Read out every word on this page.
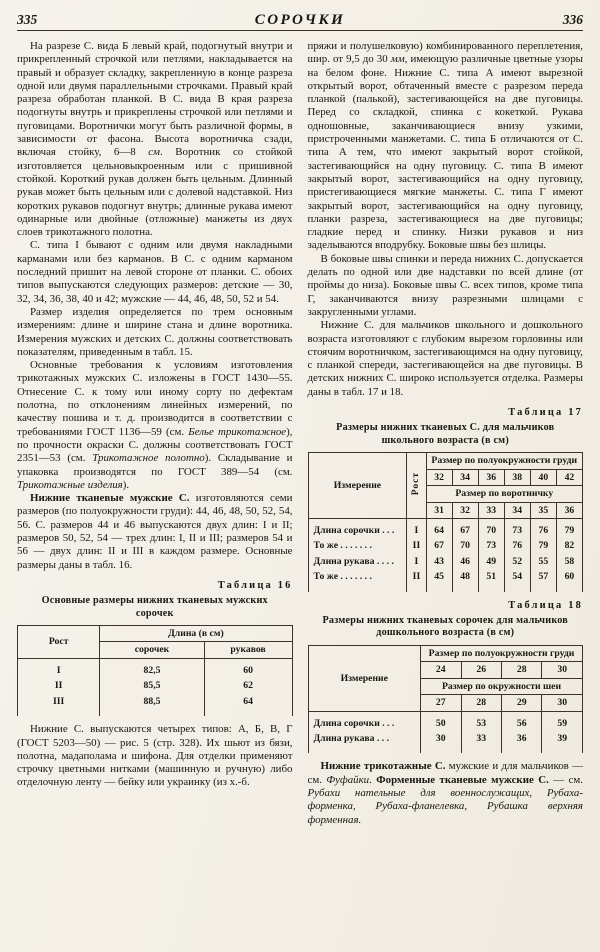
335	СОРОЧКИ	336

На разрезе С. вида Б левый край, подогнутый внутри и прикрепленный строчкой или петлями, накладывается на правый и образует складку, закрепленную в конце разреза одной или двумя параллельными строчками. Правый край разреза обработан планкой. В С. вида В края разреза подогнуты внутрь и прикреплены строчкой или петлями и пуговицами. Воротнички могут быть различной формы, в зависимости от фасона. Высота воротничка сзади, включая стойку, 6—8 см. Воротник со стойкой изготовляется цельновыкроенным или с пришивной стойкой. Короткий рукав должен быть цельным. Длинный рукав может быть цельным или с долевой надставкой. Низ коротких рукавов подогнут внутрь; длинные рукава имеют одинарные или двойные (отложные) манжеты из двух слоев трикотажного полотна.

С. типа I бывают с одним или двумя накладными карманами или без карманов. В С. с одним карманом последний пришит на левой стороне от планки. С. обоих типов выпускаются следующих размеров: детские — 30, 32, 34, 36, 38, 40 и 42; мужские — 44, 46, 48, 50, 52 и 54.

Размер изделия определяется по трем основным измерениям: длине и ширине стана и длине воротника. Измерения мужских и детских С. должны соответствовать показателям, приведенным в табл. 15.

Основные требования к условиям изготовления трикотажных мужских С. изложены в ГОСТ 1430—55. Отнесение С. к тому или иному сорту по дефектам полотна, по отклонениям линейных измерений, по качеству пошива и т. д. производится в соответствии с требованиями ГОСТ 1136—59 (см. Белье трикотажное), по прочности окраски С. должны соответствовать ГОСТ 2351—53 (см. Трикотажное полотно). Складывание и упаковка производятся по ГОСТ 389—54 (см. Трикотажные изделия).

Нижние тканевые мужские С. изготовляются семи размеров (по полуокружности груди): 44, 46, 48, 50, 52, 54, 56. С. размеров 44 и 46 выпускаются двух длин: I и II; размеров 50, 52, 54 — трех длин: I, II и III; размеров 54 и 56 — двух длин: II и III в каждом размере. Основные размеры даны в табл. 16.

Таблица 16
Основные размеры нижних тканевых мужских сорочек
Рост	Длина (в см)	
	сорочек	рукавов
I	82,5	60
II	85,5	62
III	88,5	64

Нижние С. выпускаются четырех типов: А, Б, В, Г (ГОСТ 5203—50) — рис. 5 (стр. 328). Их шьют из бязи, полотна, мадаполама и шифона. Для отделки применяют строчку цветными нитками (машинную и ручную) либо отделочную ленту — бейку или украинку (из х.-б.

пряжи и полушелковую) комбинированного переплетения, шир. от 9,5 до 30 мм, имеющую различные цветные узоры на белом фоне. Нижние С. типа А имеют вырезной открытый ворот, обтаченный вместе с разрезом переда планкой (палькой), застегивающейся на две пуговицы. Перед со складкой, спинка с кокеткой. Рукава одношовные, заканчивающиеся внизу узкими, пристроченными манжетами. С. типа Б отличаются от С. типа А тем, что имеют закрытый ворот стойкой, застегивающийся на одну пуговицу. С. типа В имеют закрытый ворот, застегивающийся на одну пуговицу, пристегивающиеся мягкие манжеты. С. типа Г имеют закрытый ворот, застегивающийся на одну пуговицу, планки разреза, застегивающиеся на две пуговицы; гладкие перед и спинку. Низки рукавов и низ заделываются вподрубку. Боковые швы без шлицы.

В боковые швы спинки и переда нижних С. допускается делать по одной или две надставки по всей длине (от проймы до низа). Боковые швы С. всех типов, кроме типа Г, заканчиваются внизу разрезными шлицами с закругленными углами.

Нижние С. для мальчиков школьного и дошкольного возраста изготовляют с глубоким вырезом горловины или стоячим воротничком, застегивающимся на одну пуговицу, с планкой спереди, застегивающейся на две пуговицы. В детских нижних С. широко используется отделка. Размеры даны в табл. 17 и 18.

Таблица 17
Размеры нижних тканевых С. для мальчиков школьного возраста (в см)
Измерение	Рост	Размер по полуокружности груди					
		32	34	36	38	40	42
		Размер по воротничку					
		31	32	33	34	35	36
Длина сорочки . . .	I	64	67	70	73	76	79
То же . . . . . . .	II	67	70	73	76	79	82
Длина рукава . . . .	I	43	46	49	52	55	58
То же . . . . . . .	II	45	48	51	54	57	60
Таблица 18
Размеры нижних тканевых сорочек для мальчиков дошкольного возраста (в см)
Измерение	Размер по полуокружности груди			
	24	26	28	30
	Размер по окружности шеи			
	27	28	29	30
Длина сорочки . . .	50	53	56	59
Длина рукава . . .	30	33	36	39

Нижние трикотажные С. мужские и для мальчиков — см. Фуфайки. Форменные тканевые мужские С. — см. Рубахи нательные для военнослужащих, Рубаха-форменка, Рубаха-фланелевка, Рубашка верхняя форменная.
